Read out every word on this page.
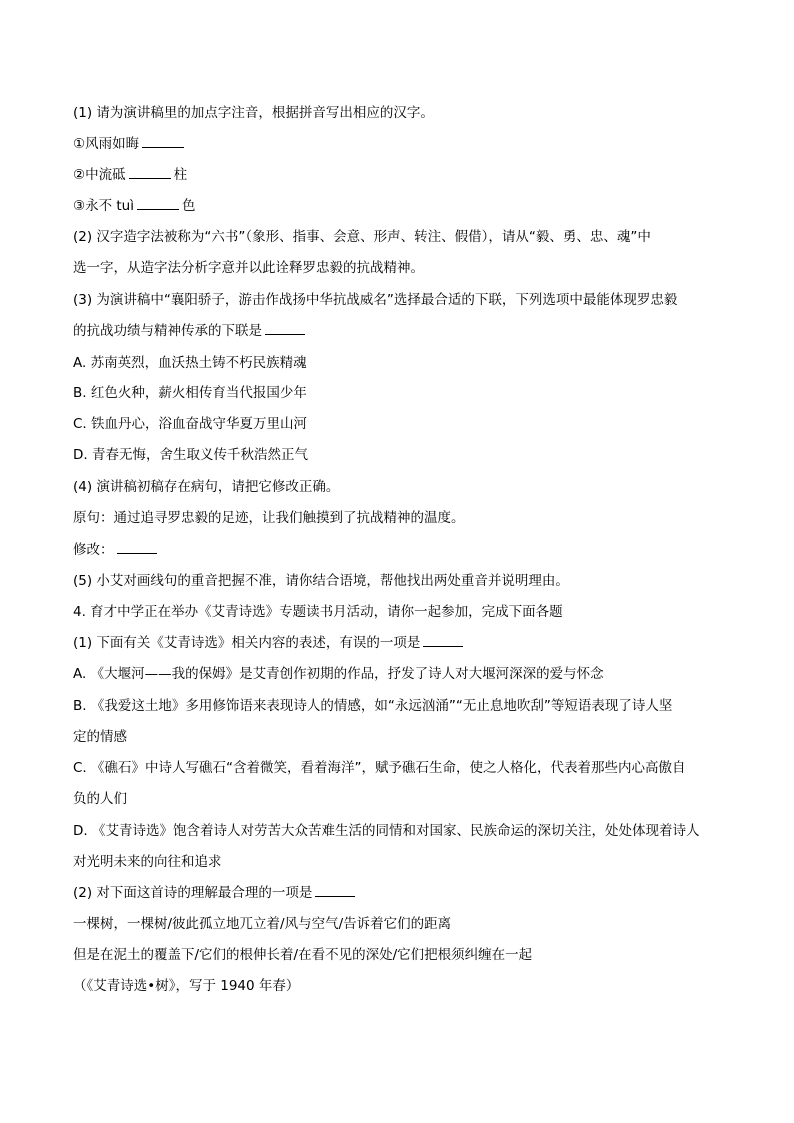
(1) 请为演讲稿里的加点字注音，根据拼音写出相应的汉字。
①风雨如晦
②中流砥	柱
③永不 tuì	色
(2) 汉字造字法被称为“六书”（象形、指事、会意、形声、转注、假借），请从“毅、勇、忠、魂”中
选一字，从造字法分析字意并以此诠释罗忠毅的抗战精神。
(3) 为演讲稿中“襄阳骄子，游击作战扬中华抗战威名”选择最合适的下联，下列选项中最能体现罗忠毅
的抗战功绩与精神传承的下联是
A. 苏南英烈，血沃热土铸不朽民族精魂
B. 红色火种，薪火相传育当代报国少年
C. 铁血丹心，浴血奋战守华夏万里山河
D. 青春无悔，舍生取义传千秋浩然正气
(4) 演讲稿初稿存在病句，请把它修改正确。
原句：通过追寻罗忠毅的足迹，让我们触摸到了抗战精神的温度。
修改：
(5) 小艾对画线句的重音把握不准，请你结合语境，帮他找出两处重音并说明理由。
4. 育才中学正在举办《艾青诗选》专题读书月活动，请你一起参加，完成下面各题
(1) 下面有关《艾青诗选》相关内容的表述，有误的一项是
A. 《大堰河——我的保姆》是艾青创作初期的作品，抒发了诗人对大堰河深深的爱与怀念
B. 《我爱这土地》多用修饰语来表现诗人的情感，如“永远汹涌”“无止息地吹刮”等短语表现了诗人坚
定的情感
C. 《礁石》中诗人写礁石“含着微笑，看着海洋”，赋予礁石生命，使之人格化，代表着那些内心高傲自
负的人们
D. 《艾青诗选》饱含着诗人对劳苦大众苦难生活的同情和对国家、民族命运的深切关注，处处体现着诗人
对光明未来的向往和追求
(2) 对下面这首诗的理解最合理的一项是
一棵树，一棵树/彼此孤立地兀立着/风与空气/告诉着它们的距离
但是在泥土的覆盖下/它们的根伸长着/在看不见的深处/它们把根须纠缠在一起
（《艾青诗选•树》，写于 1940 年春）
